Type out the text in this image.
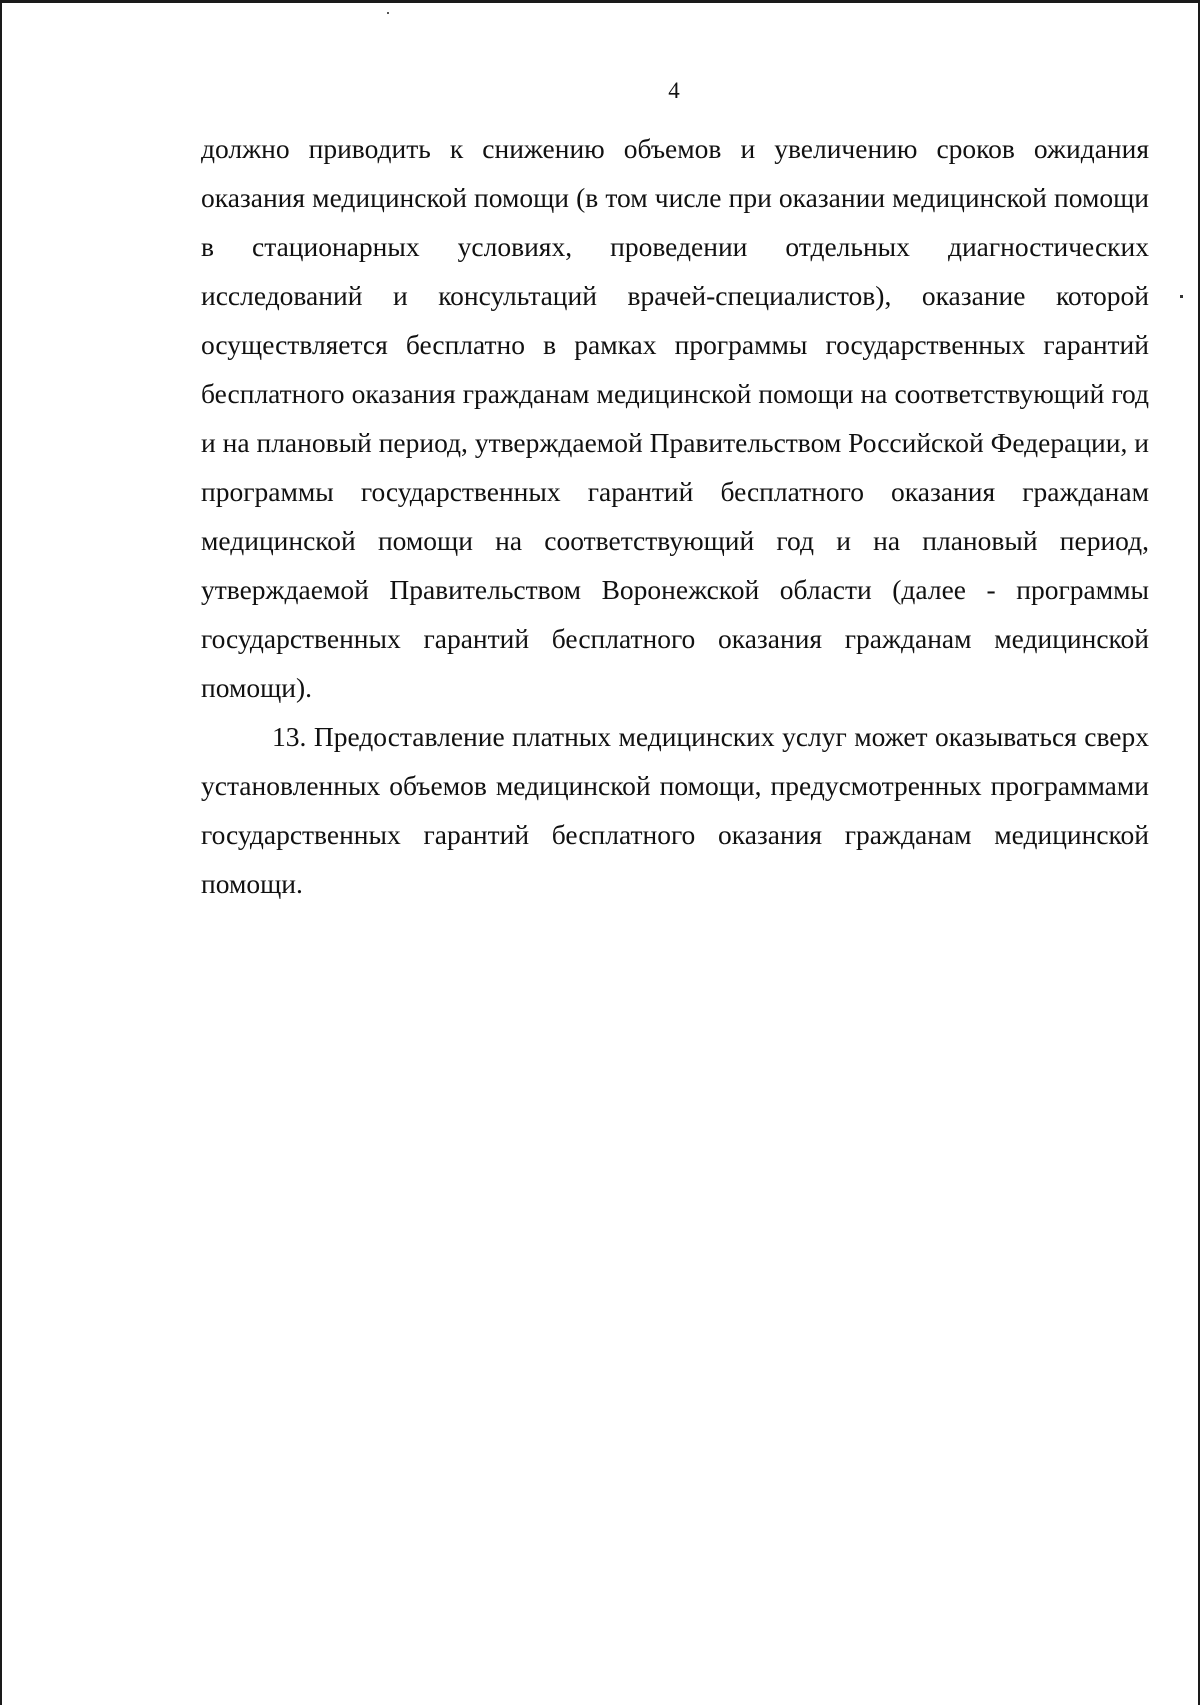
4

должно приводить к снижению объемов и увеличению сроков ожидания оказания медицинской помощи (в том числе при оказании медицинской помощи в стационарных условиях, проведении отдельных диагностических исследований и консультаций врачей-специалистов), оказание которой осуществляется бесплатно в рамках программы государственных гарантий бесплатного оказания гражданам медицинской помощи на соответствующий год и на плановый период, утверждаемой Правительством Российской Федерации, и программы государственных гарантий бесплатного оказания гражданам медицинской помощи на соответствующий год и на плановый период, утверждаемой Правительством Воронежской области (далее - программы государственных гарантий бесплатного оказания гражданам медицинской помощи).

13. Предоставление платных медицинских услуг может оказываться сверх установленных объемов медицинской помощи, предусмотренных программами государственных гарантий бесплатного оказания гражданам медицинской помощи.
